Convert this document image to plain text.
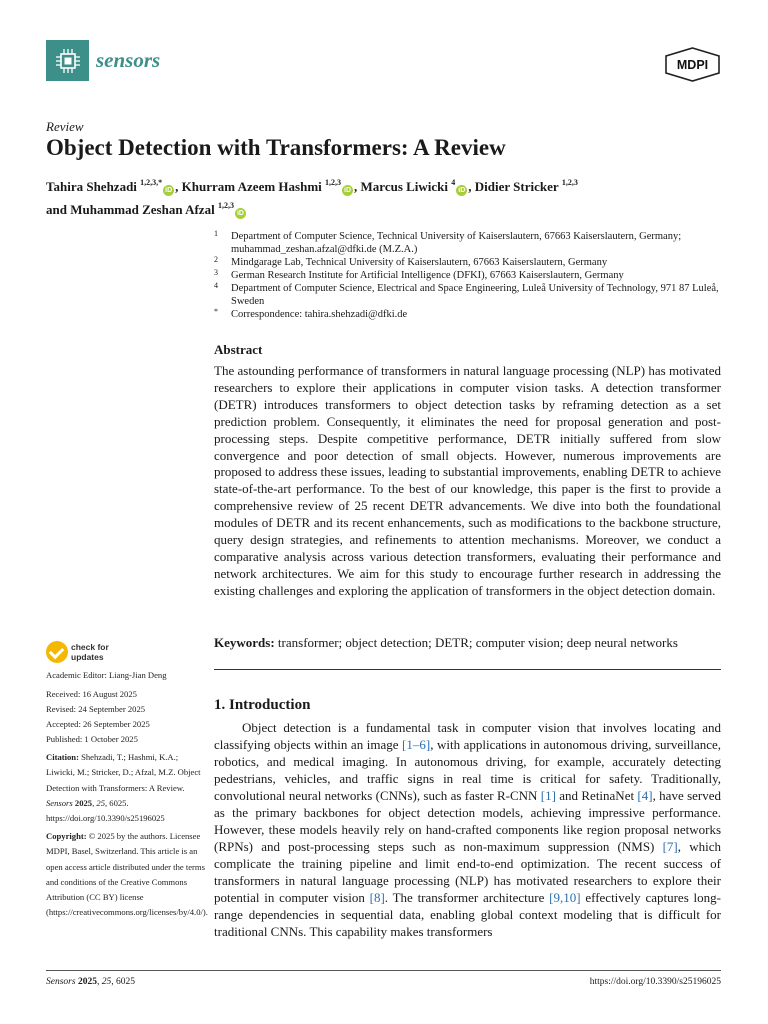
sensors	MDPI
Review
Object Detection with Transformers: A Review
Tahira Shehzadi $^{1,2,3,*}$iD , Khurram Azeem Hashmi $^{1,2,3}$iD , Marcus Liwicki $^4$iD , Didier Stricker $^{1,2,3}$
and Muhammad Zeshan Afzal $^{1,2,3}$iD
1 Department of Computer Science, Technical University of Kaiserslautern, 67663 Kaiserslautern, Germany; muhammad_zeshan.afzal@dfki.de (M.Z.A.)
2 Mindgarage Lab, Technical University of Kaiserslautern, 67663 Kaiserslautern, Germany
3 German Research Institute for Artificial Intelligence (DFKI), 67663 Kaiserslautern, Germany
4 Department of Computer Science, Electrical and Space Engineering, Luleå University of Technology, 971 87 Luleå, Sweden
* Correspondence: tahira.shehzadi@dfki.de
Abstract

The astounding performance of transformers in natural language processing (NLP) has motivated researchers to explore their applications in computer vision tasks. A detection transformer (DETR) introduces transformers to object detection tasks by reframing detection as a set prediction problem. Consequently, it eliminates the need for proposal generation and post-processing steps. Despite competitive performance, DETR initially suffered from slow convergence and poor detection of small objects. However, numerous improvements are proposed to address these issues, leading to substantial improvements, enabling DETR to achieve state-of-the-art performance. To the best of our knowledge, this paper is the first to provide a comprehensive review of 25 recent DETR advancements. We dive into both the foundational modules of DETR and its recent enhancements, such as modifications to the backbone structure, query design strategies, and refinements to attention mechanisms. Moreover, we conduct a comparative analysis across various detection transformers, evaluating their performance and network architectures. We aim for this study to encourage further research in addressing the existing challenges and exploring the application of transformers in the object detection domain.

Keywords: transformer; object detection; DETR; computer vision; deep neural networks
check for
updates
Academic Editor: Liang-Jian Deng
Received: 16 August 2025
Revised: 24 September 2025
Accepted: 26 September 2025
Published: 1 October 2025
Citation: Shehzadi, T.; Hashmi, K.A.; Liwicki, M.; Stricker, D.; Afzal, M.Z. Object Detection with Transformers: A Review. Sensors 2025, 25, 6025. https://doi.org/10.3390/s25196025
Copyright: © 2025 by the authors. Licensee MDPI, Basel, Switzerland. This article is an open access article distributed under the terms and conditions of the Creative Commons Attribution (CC BY) license (https://creativecommons.org/licenses/by/4.0/).
1. Introduction

Object detection is a fundamental task in computer vision that involves locating and classifying objects within an image [1–6], with applications in autonomous driving, surveillance, robotics, and medical imaging. In autonomous driving, for example, accurately detecting pedestrians, vehicles, and traffic signs in real time is critical for safety. Traditionally, convolutional neural networks (CNNs), such as faster R-CNN [1] and RetinaNet [4], have served as the primary backbones for object detection models, achieving impressive performance. However, these models heavily rely on hand-crafted components like region proposal networks (RPNs) and post-processing steps such as non-maximum suppression (NMS) [7], which complicate the training pipeline and limit end-to-end optimization. The recent success of transformers in natural language processing (NLP) has motivated researchers to explore their potential in computer vision [8]. The transformer architecture [9,10] effectively captures long-range dependencies in sequential data, enabling global context modeling that is difficult for traditional CNNs. This capability makes transformers

Sensors 2025, 25, 6025	https://doi.org/10.3390/s25196025
